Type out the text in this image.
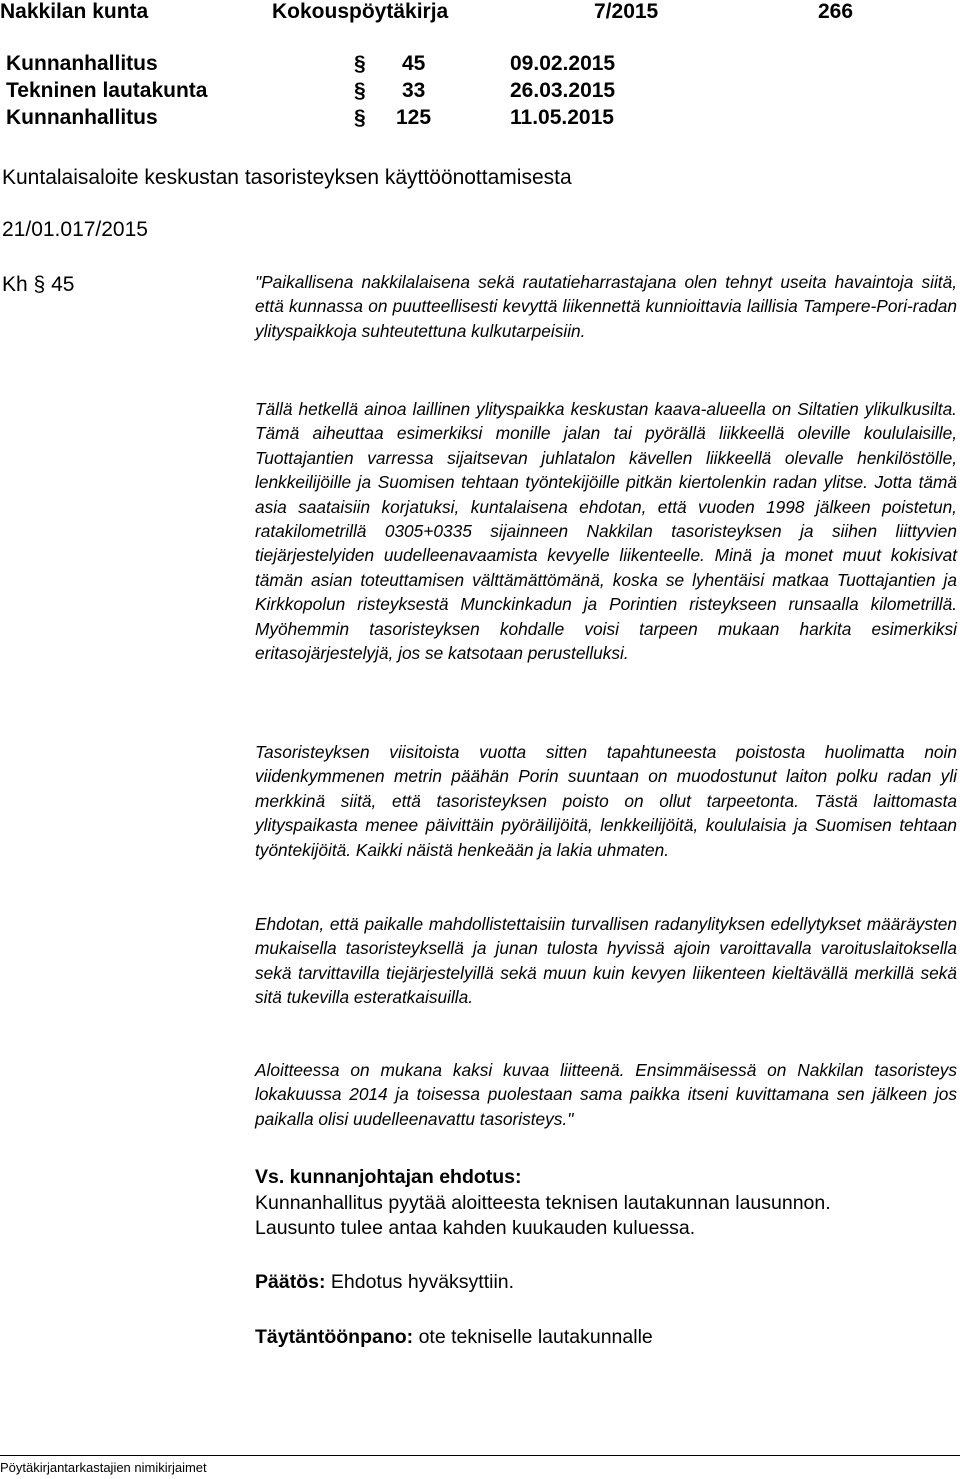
Nakkilan kunta	Kokouspöytäkirja	7/2015	266
Kunnanhallitus	§ 45	09.02.2015
Tekninen lautakunta	§ 33	26.03.2015
Kunnanhallitus	§ 125	11.05.2015
Kuntalaisaloite keskustan tasoristeyksen käyttöönottamisesta
21/01.017/2015
Kh § 45	"Paikallisena nakkilalaisena sekä rautatieharrastajana olen tehnyt useita havaintoja siitä, että kunnassa on puutteellisesti kevyttä liikennettä kunnioittavia laillisia Tampere-Pori-radan ylityspaikkoja suhteutettuna kulkutarpeisiin.
Tällä hetkellä ainoa laillinen ylityspaikka keskustan kaava-alueella on Siltatien ylikulkusilta. Tämä aiheuttaa esimerkiksi monille jalan tai pyörällä liikkeellä oleville koululaisille, Tuottajantien varressa sijaitsevan juhlatalon kävellen liikkeellä olevalle henkilöstölle, lenkkeilijöille ja Suomisen tehtaan työntekijöille pitkän kiertolenkin radan ylitse. Jotta tämä asia saataisiin korjatuksi, kuntalaisena ehdotan, että vuoden 1998 jälkeen poistetun, ratakilometrillä 0305+0335 sijainneen Nakkilan tasoristeyksen ja siihen liittyvien tiejärjestelyiden uudelleenavaamista kevyelle liikenteelle. Minä ja monet muut kokisivat tämän asian toteuttamisen välttämättömänä, koska se lyhentäisi matkaa Tuottajantien ja Kirkkopolun risteyksestä Munckinkadun ja Porintien risteykseen runsaalla kilometrillä. Myöhemmin tasoristeyksen kohdalle voisi tarpeen mukaan harkita esimerkiksi eritasojärjestelyjä, jos se katsotaan perustelluksi.
Tasoristeyksen viisitoista vuotta sitten tapahtuneesta poistosta huolimatta noin viidenkymmenen metrin päähän Porin suuntaan on muodostunut laiton polku radan yli merkkinä siitä, että tasoristeyksen poisto on ollut tarpeetonta. Tästä laittomasta ylityspaikasta menee päivittäin pyöräilijöitä, lenkkeilijöitä, koululaisia ja Suomisen tehtaan työntekijöitä. Kaikki näistä henkeään ja lakia uhmaten.
Ehdotan, että paikalle mahdollistettaisiin turvallisen radanylityksen edellytykset määräysten mukaisella tasoristeyksellä ja junan tulosta hyvissä ajoin varoittavalla varoituslaitoksella sekä tarvittavilla tiejärjestelyillä sekä muun kuin kevyen liikenteen kieltävällä merkillä sekä sitä tukevilla esteratkaisuilla.
Aloitteessa on mukana kaksi kuvaa liitteenä. Ensimmäisessä on Nakkilan tasoristeys lokakuussa 2014 ja toisessa puolestaan sama paikka itseni kuvittamana sen jälkeen jos paikalla olisi uudelleenavattu tasoristeys."
Vs. kunnanjohtajan ehdotus:
Kunnanhallitus pyytää aloitteesta teknisen lautakunnan lausunnon.
Lausunto tulee antaa kahden kuukauden kuluessa.
Päätös: Ehdotus hyväksyttiin.
Täytäntöönpano: ote tekniselle lautakunnalle
Pöytäkirjantarkastajien nimikirjaimet
